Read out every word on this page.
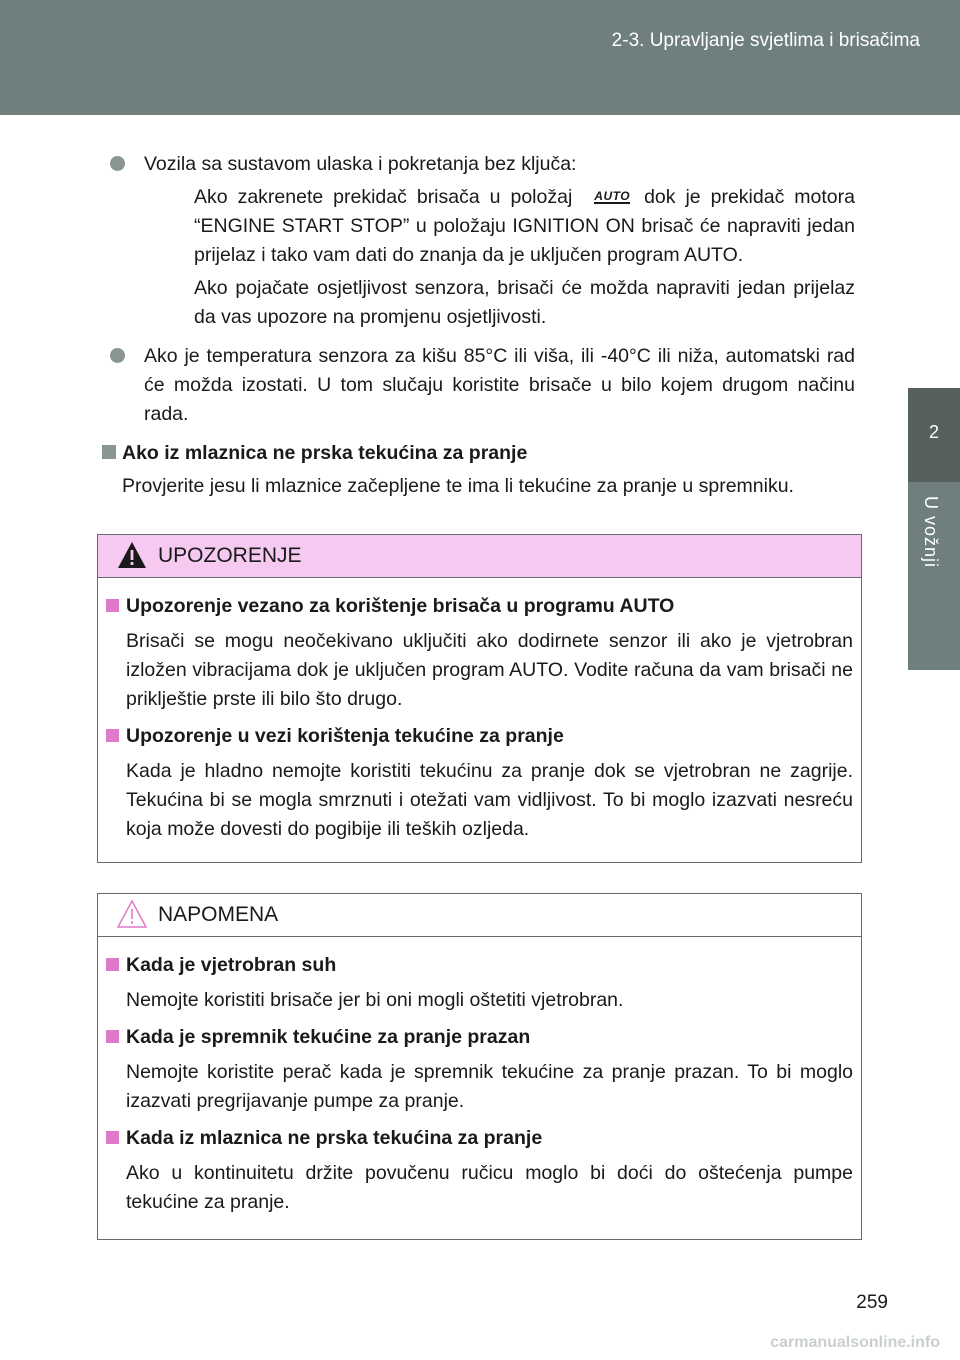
2-3. Upravljanje svjetlima i brisačima
2
U vožnji
Vozila sa sustavom ulaska i pokretanja bez ključa:
Ako zakrenete prekidač brisača u položaj AUTO dok je prekidač motora “ENGINE START STOP” u položaju IGNITION ON brisač će napraviti jedan prijelaz i tako vam dati do znanja da je uključen program AUTO.
Ako pojačate osjetljivost senzora, brisači će možda napraviti jedan prijelaz da vas upozore na promjenu osjetljivosti.
Ako je temperatura senzora za kišu 85°C ili viša, ili -40°C ili niža, automatski rad će možda izostati. U tom slučaju koristite brisače u bilo kojem drugom načinu rada.
Ako iz mlaznica ne prska tekućina za pranje
Provjerite jesu li mlaznice začepljene te ima li tekućine za pranje u spremniku.
UPOZORENJE
Upozorenje vezano za korištenje brisača u programu AUTO
Brisači se mogu neočekivano uključiti ako dodirnete senzor ili ako je vjetrobran izložen vibracijama dok je uključen program AUTO. Vodite računa da vam brisači ne priklještie prste ili bilo što drugo.
Upozorenje u vezi korištenja tekućine za pranje
Kada je hladno nemojte koristiti tekućinu za pranje dok se vjetrobran ne zagrije. Tekućina bi se mogla smrznuti i otežati vam vidljivost. To bi moglo izazvati nesreću koja može dovesti do pogibije ili teških ozljeda.
NAPOMENA
Kada je vjetrobran suh
Nemojte koristiti brisače jer bi oni mogli oštetiti vjetrobran.
Kada je spremnik tekućine za pranje prazan
Nemojte koristite perač kada je spremnik tekućine za pranje prazan. To bi moglo izazvati pregrijavanje pumpe za pranje.
Kada iz mlaznica ne prska tekućina za pranje
Ako u kontinuitetu držite povučenu ručicu moglo bi doći do oštećenja pumpe tekućine za pranje.
259
carmanualsonline.info
